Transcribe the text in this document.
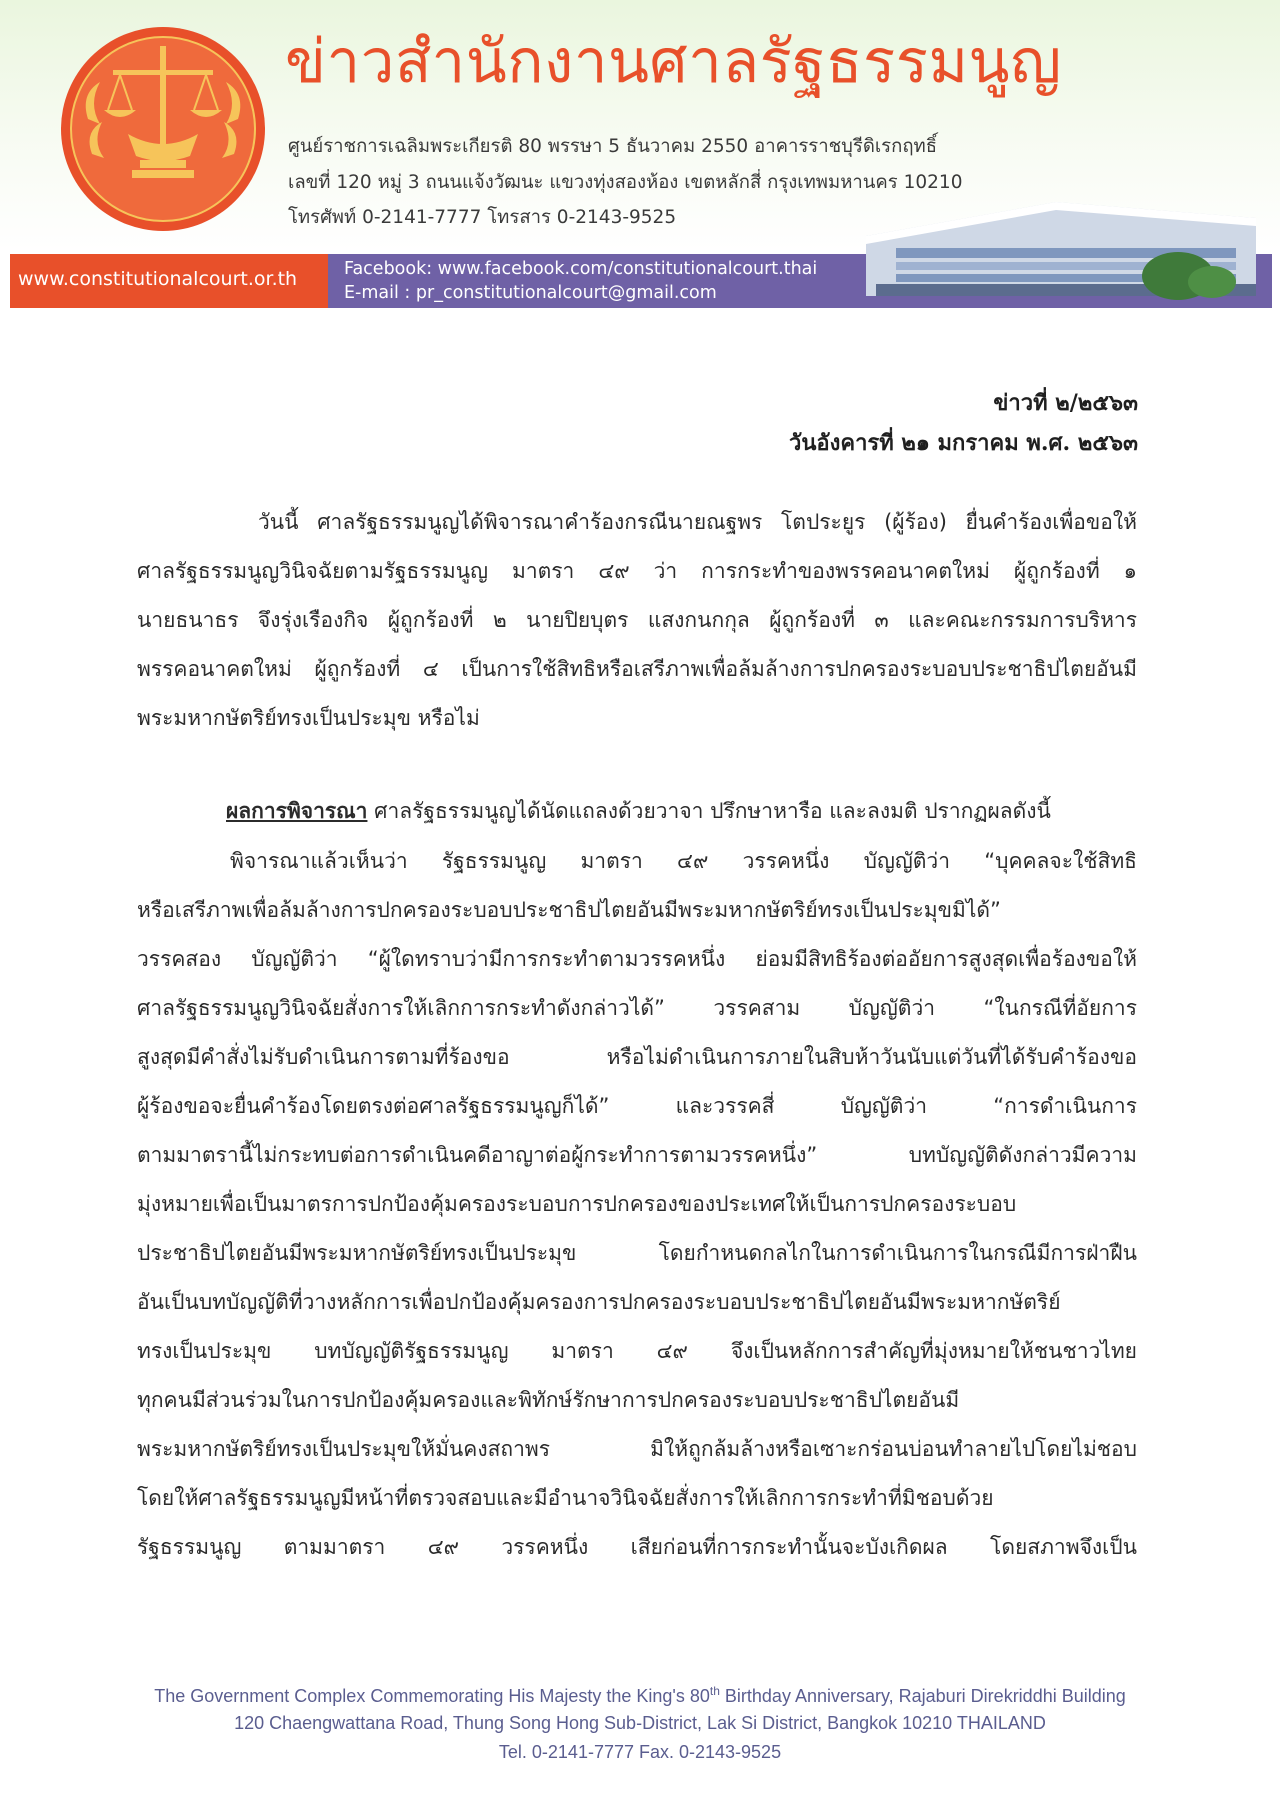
ข่าวสำนักงานศาลรัฐธรรมนูญ
ศูนย์ราชการเฉลิมพระเกียรติ 80 พรรษา 5 ธันวาคม 2550 อาคารราชบุรีดิเรกฤทธิ์
เลขที่ 120 หมู่ 3 ถนนแจ้งวัฒนะ แขวงทุ่งสองห้อง เขตหลักสี่ กรุงเทพมหานคร 10210
โทรศัพท์ 0-2141-7777 โทรสาร 0-2143-9525
www.constitutionalcourt.or.th	Facebook: www.facebook.com/constitutionalcourt.thai
E-mail : pr_constitutionalcourt@gmail.com
ข่าวที่ ๒/๒๕๖๓
วันอังคารที่ ๒๑ มกราคม พ.ศ. ๒๕๖๓
วันนี้ ศาลรัฐธรรมนูญได้พิจารณาคำร้องกรณีนายณฐพร โตประยูร (ผู้ร้อง) ยื่นคำร้องเพื่อขอให้
ศาลรัฐธรรมนูญวินิจฉัยตามรัฐธรรมนูญ มาตรา ๔๙ ว่า การกระทำของพรรคอนาคตใหม่ ผู้ถูกร้องที่ ๑
นายธนาธร จึงรุ่งเรืองกิจ ผู้ถูกร้องที่ ๒ นายปิยบุตร แสงกนกกุล ผู้ถูกร้องที่ ๓ และคณะกรรมการบริหาร
พรรคอนาคตใหม่ ผู้ถูกร้องที่ ๔ เป็นการใช้สิทธิหรือเสรีภาพเพื่อล้มล้างการปกครองระบอบประชาธิปไตยอันมี
พระมหากษัตริย์ทรงเป็นประมุข หรือไม่
ผลการพิจารณา ศาลรัฐธรรมนูญได้นัดแถลงด้วยวาจา ปรึกษาหารือ และลงมติ ปรากฏผลดังนี้
พิจารณาแล้วเห็นว่า รัฐธรรมนูญ มาตรา ๔๙ วรรคหนึ่ง บัญญัติว่า “บุคคลจะใช้สิทธิ
หรือเสรีภาพเพื่อล้มล้างการปกครองระบอบประชาธิปไตยอันมีพระมหากษัตริย์ทรงเป็นประมุขมิได้”
วรรคสอง บัญญัติว่า “ผู้ใดทราบว่ามีการกระทำตามวรรคหนึ่ง ย่อมมีสิทธิร้องต่ออัยการสูงสุดเพื่อร้องขอให้
ศาลรัฐธรรมนูญวินิจฉัยสั่งการให้เลิกการกระทำดังกล่าวได้” วรรคสาม บัญญัติว่า “ในกรณีที่อัยการ
สูงสุดมีคำสั่งไม่รับดำเนินการตามที่ร้องขอ หรือไม่ดำเนินการภายในสิบห้าวันนับแต่วันที่ได้รับคำร้องขอ
ผู้ร้องขอจะยื่นคำร้องโดยตรงต่อศาลรัฐธรรมนูญก็ได้” และวรรคสี่ บัญญัติว่า “การดำเนินการ
ตามมาตรานี้ไม่กระทบต่อการดำเนินคดีอาญาต่อผู้กระทำการตามวรรคหนึ่ง” บทบัญญัติดังกล่าวมีความ
มุ่งหมายเพื่อเป็นมาตรการปกป้องคุ้มครองระบอบการปกครองของประเทศให้เป็นการปกครองระบอบ
ประชาธิปไตยอันมีพระมหากษัตริย์ทรงเป็นประมุข โดยกำหนดกลไกในการดำเนินการในกรณีมีการฝ่าฝืน
อันเป็นบทบัญญัติที่วางหลักการเพื่อปกป้องคุ้มครองการปกครองระบอบประชาธิปไตยอันมีพระมหากษัตริย์
ทรงเป็นประมุข บทบัญญัติรัฐธรรมนูญ มาตรา ๔๙ จึงเป็นหลักการสำคัญที่มุ่งหมายให้ชนชาวไทย
ทุกคนมีส่วนร่วมในการปกป้องคุ้มครองและพิทักษ์รักษาการปกครองระบอบประชาธิปไตยอันมี
พระมหากษัตริย์ทรงเป็นประมุขให้มั่นคงสถาพร มิให้ถูกล้มล้างหรือเซาะกร่อนบ่อนทำลายไปโดยไม่ชอบ
โดยให้ศาลรัฐธรรมนูญมีหน้าที่ตรวจสอบและมีอำนาจวินิจฉัยสั่งการให้เลิกการกระทำที่มิชอบด้วย
รัฐธรรมนูญ ตามมาตรา ๔๙ วรรคหนึ่ง เสียก่อนที่การกระทำนั้นจะบังเกิดผล โดยสภาพจึงเป็น
The Government Complex Commemorating His Majesty the King's 80th Birthday Anniversary, Rajaburi Direkriddhi Building
120 Chaengwattana Road, Thung Song Hong Sub-District, Lak Si District, Bangkok 10210 THAILAND
Tel. 0-2141-7777 Fax. 0-2143-9525
